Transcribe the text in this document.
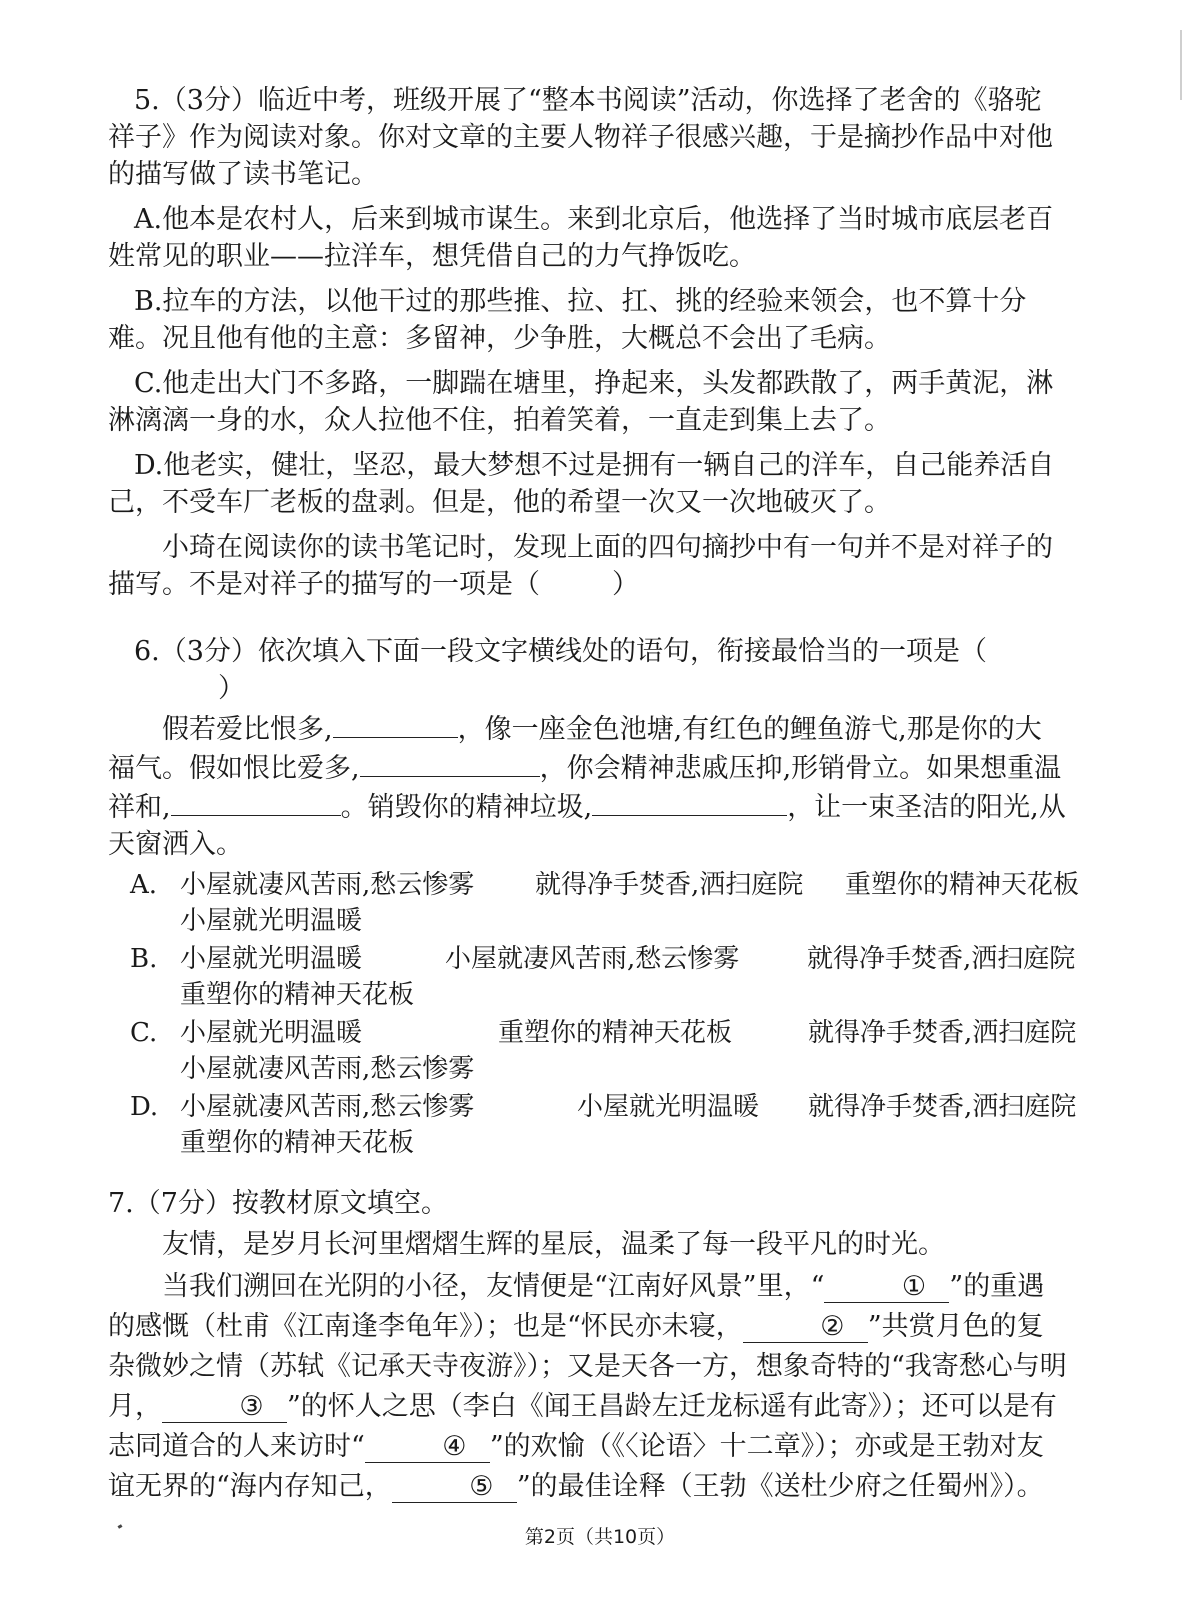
5.（3分）临近中考，班级开展了“整本书阅读”活动，你选择了老舍的《骆驼祥子》作为阅读对象。你对文章的主要人物祥子很感兴趣，于是摘抄作品中对他的描写做了读书笔记。

A.他本是农村人，后来到城市谋生。来到北京后，他选择了当时城市底层老百姓常见的职业——拉洋车，想凭借自己的力气挣饭吃。

B.拉车的方法，以他干过的那些推、拉、扛、挑的经验来领会，也不算十分难。况且他有他的主意：多留神，少争胜，大概总不会出了毛病。

C.他走出大门不多路，一脚踹在塘里，挣起来，头发都跌散了，两手黄泥，淋淋漓漓一身的水，众人拉他不住，拍着笑着，一直走到集上去了。

D.他老实，健壮，坚忍，最大梦想不过是拥有一辆自己的洋车，自己能养活自己，不受车厂老板的盘剥。但是，他的希望一次又一次地破灭了。

小琦在阅读你的读书笔记时，发现上面的四句摘抄中有一句并不是对祥子的描写。不是对祥子的描写的一项是（	）

6.（3分）依次填入下面一段文字横线处的语句，衔接最恰当的一项是（）

假若爱比恨多,	，像一座金色池塘,有红色的鲤鱼游弋,那是你的大福气。假如恨比爱多,	，你会精神悲戚压抑,形销骨立。如果想重温祥和,	。销毁你的精神垃圾,	，让一束圣洁的阳光,从天窗洒入。

A. 小屋就凄风苦雨,愁云惨雾	就得净手焚香,洒扫庭院	重塑你的精神天花板

小屋就光明温暖

B. 小屋就光明温暖	小屋就凄风苦雨,愁云惨雾	就得净手焚香,洒扫庭院

重塑你的精神天花板

C. 小屋就光明温暖	重塑你的精神天花板	就得净手焚香,洒扫庭院

小屋就凄风苦雨,愁云惨雾

D. 小屋就凄风苦雨,愁云惨雾	小屋就光明温暖	就得净手焚香,洒扫庭院

重塑你的精神天花板

7.（7分）按教材原文填空。

友情，是岁月长河里熠熠生辉的星辰，温柔了每一段平凡的时光。

当我们溯回在光阴的小径，友情便是“江南好风景”里，“	① ”的重遇的感慨（杜甫《江南逢李龟年》）；也是“怀民亦未寝，	② ”共赏月色的复杂微妙之情（苏轼《记承天寺夜游》）；又是天各一方，想象奇特的“我寄愁心与明月，	③ ”的怀人之思（李白《闻王昌龄左迁龙标遥有此寄》）；还可以是有志同道合的人来访时“	④ ”的欢愉（《〈论语〉十二章》）；亦或是王勃对友谊无界的“海内存知己，	⑤ ”的最佳诠释（王勃《送杜少府之任蜀州》）。

第2页（共10页）
